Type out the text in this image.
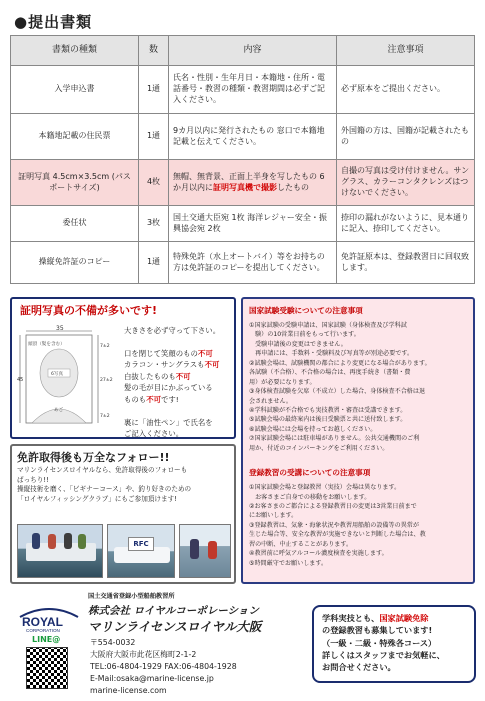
●提出書類
書類の種類	数	内容	注意事項
入学申込書	1通	氏名・性別・生年月日・本籍地・住所・電話番号・教習の種類・教習期間は必ずご記入ください。	必ず原本をご提出ください。
本籍地記載の住民票	1通	9カ月以内に発行されたもの 窓口で本籍地記載と伝えてください。	外国籍の方は、国籍が記載されたもの
証明写真 4.5cm×3.5cm (パスポートサイズ)	4枚	無帽、無背景、正面上半身を写したもの 6か月以内に証明写真機で撮影したもの	自撮の写真は受け付けません。サングラス、カラーコンタクレンズはつけないでください。
委任状	3枚	国土交通大臣宛 1枚 海洋レジャー安全・振興協会宛 2枚	捺印の漏れがないように、見本通りに記入、捺印してください。
操縦免許証のコピー	1通	特殊免許（水上オートバイ）等をお持ちの方は免許証のコピーを提出してください。	免許証原本は、登録教習日に回収致します。
証明写真の不備が多いです!
35
頭頂（髪を含む）
6写真
あご
45
7±2
27±2
7±2
大きさを必ず守って下さい。

口を閉じて笑顔のもの不可
カラコン・サングラスも不可
白抜したものも不可
髪の毛が目にかぶっている
ものも不可です!

裏に「油性ペン」で氏名を
ご記入ください。
免許取得後も万全なフォロー!!
マリンライセンスロイヤルなら、免許取得後のフォローも
ばっちり!!
操縦技術を磨く、「ビギナーコース」や、釣り好きのための
「ロイヤルフィッシングクラブ」にもご参加頂けます!
RFC
国家試験受験についての注意事項

①国家試験の受験申請は、国家試験（身体検査及び学科試

　験）の10営業日前をもって行います。

　受験申請後の変更はできません。

　再申請には、手数料・受験料及び写真等が別途必要です。

②試験会場は、試験機関の都合により変更になる場合があります。

各試験（不合格）、不合格の場合は、再度手続き（書類・費

用）が必要になります。

③身体検査試験を欠席（不成立）した場合、身体検査不合格は退

会されません。

④学科試験が不合格でも実技教習・審査は受講できます。

⑤試験会場の最終案内は後日受験票と共に送付致します。

⑥試験会場には会場を持ってお越しください。

⑦国家試験会場には駐車場がありません。公共交通機関のご利

用か、付近のコインパーキングをご利用ください。

登録教習の受講についての注意事項

①国家試験会場と登録教習（実技）会場は異なります。

　お客さまご自身での移動をお願いします。

②お客さまのご都合による登録教習日の変更は3営業日前まで

にお願いします。

③登録教習は、気象・海象状況や教習用船舶の設備等の異常が

生じた場合等、安全な教習が実施できないと判断した場合は、教

習の中断、中止することがあります。

④教習前に呼気アルコール濃度検査を実施します。

⑤時間厳守でお願いします。

国土交通省登録小型船舶教習所
ROYAL
CORPORATION
LINE@
株式会社 ロイヤルコーポレーション
マリンライセンスロイヤル大阪
〒554-0032
大阪府大阪市此花区梅町2-1-2
TEL:06-4804-1929 FAX:06-4804-1928
E-Mail:osaka@marine-license.jp
marine-license.com
学科実技とも、国家試験免除
の登録教習も募集しています!
（一級・二級・特殊各コース）
詳しくはスタッフまでお気軽に、
お問合せください。
